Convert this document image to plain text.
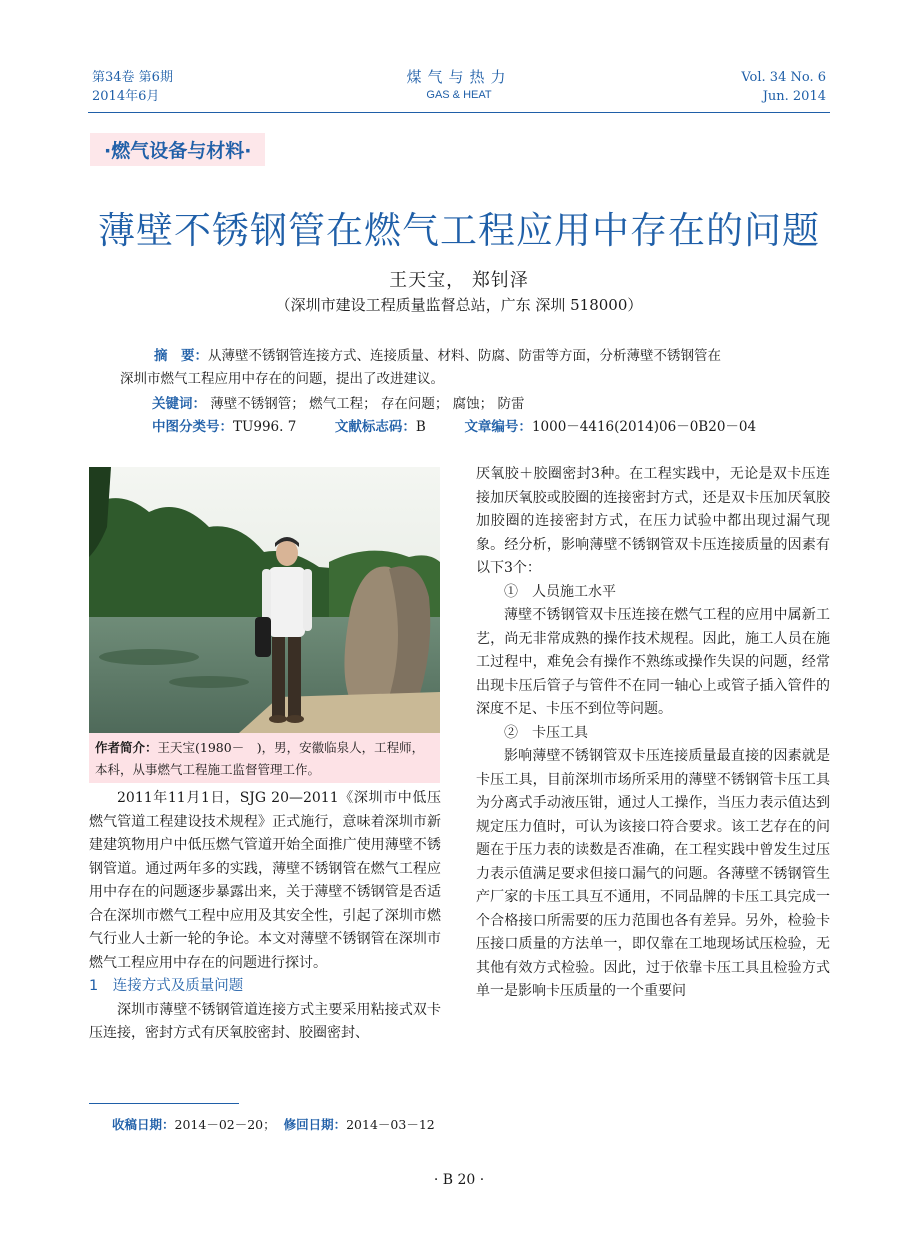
第34卷 第6期
2014年6月
煤气与热力
GAS & HEAT
Vol. 34 No. 6
Jun. 2014
·燃气设备与材料·
薄壁不锈钢管在燃气工程应用中存在的问题
王天宝， 郑钊泽
（深圳市建设工程质量监督总站，广东 深圳 518000）
摘　要：从薄壁不锈钢管连接方式、连接质量、材料、防腐、防雷等方面，分析薄壁不锈钢管在
深圳市燃气工程应用中存在的问题，提出了改进建议。
关键词： 薄壁不锈钢管； 燃气工程； 存在问题； 腐蚀； 防雷
中图分类号：TU996. 7	文献标志码：B	文章编号：1000－4416(2014)06－0B20－04
作者简介：王天宝(1980－　)，男，安徽临泉人，工程师，本科，从事燃气工程施工监督管理工作。

2011年11月1日，SJG 20—2011《深圳市中低压燃气管道工程建设技术规程》正式施行，意味着深圳市新建建筑物用户中低压燃气管道开始全面推广使用薄壁不锈钢管道。通过两年多的实践，薄壁不锈钢管在燃气工程应用中存在的问题逐步暴露出来，关于薄壁不锈钢管是否适合在深圳市燃气工程中应用及其安全性，引起了深圳市燃气行业人士新一轮的争论。本文对薄壁不锈钢管在深圳市燃气工程应用中存在的问题进行探讨。

1　连接方式及质量问题

深圳市薄壁不锈钢管道连接方式主要采用粘接式双卡压连接，密封方式有厌氧胶密封、胶圈密封、

厌氧胶＋胶圈密封3种。在工程实践中，无论是双卡压连接加厌氧胶或胶圈的连接密封方式，还是双卡压加厌氧胶加胶圈的连接密封方式，在压力试验中都出现过漏气现象。经分析，影响薄壁不锈钢管双卡压连接质量的因素有以下3个：

①　人员施工水平

薄壁不锈钢管双卡压连接在燃气工程的应用中属新工艺，尚无非常成熟的操作技术规程。因此，施工人员在施工过程中，难免会有操作不熟练或操作失误的问题，经常出现卡压后管子与管件不在同一轴心上或管子插入管件的深度不足、卡压不到位等问题。

②　卡压工具

影响薄壁不锈钢管双卡压连接质量最直接的因素就是卡压工具，目前深圳市场所采用的薄壁不锈钢管卡压工具为分离式手动液压钳，通过人工操作，当压力表示值达到规定压力值时，可认为该接口符合要求。该工艺存在的问题在于压力表的读数是否准确，在工程实践中曾发生过压力表示值满足要求但接口漏气的问题。各薄壁不锈钢管生产厂家的卡压工具互不通用，不同品牌的卡压工具完成一个合格接口所需要的压力范围也各有差异。另外，检验卡压接口质量的方法单一，即仅靠在工地现场试压检验，无其他有效方式检验。因此，过于依靠卡压工具且检验方式单一是影响卡压质量的一个重要问

收稿日期：2014－02－20； 修回日期：2014－03－12
· B 20 ·
